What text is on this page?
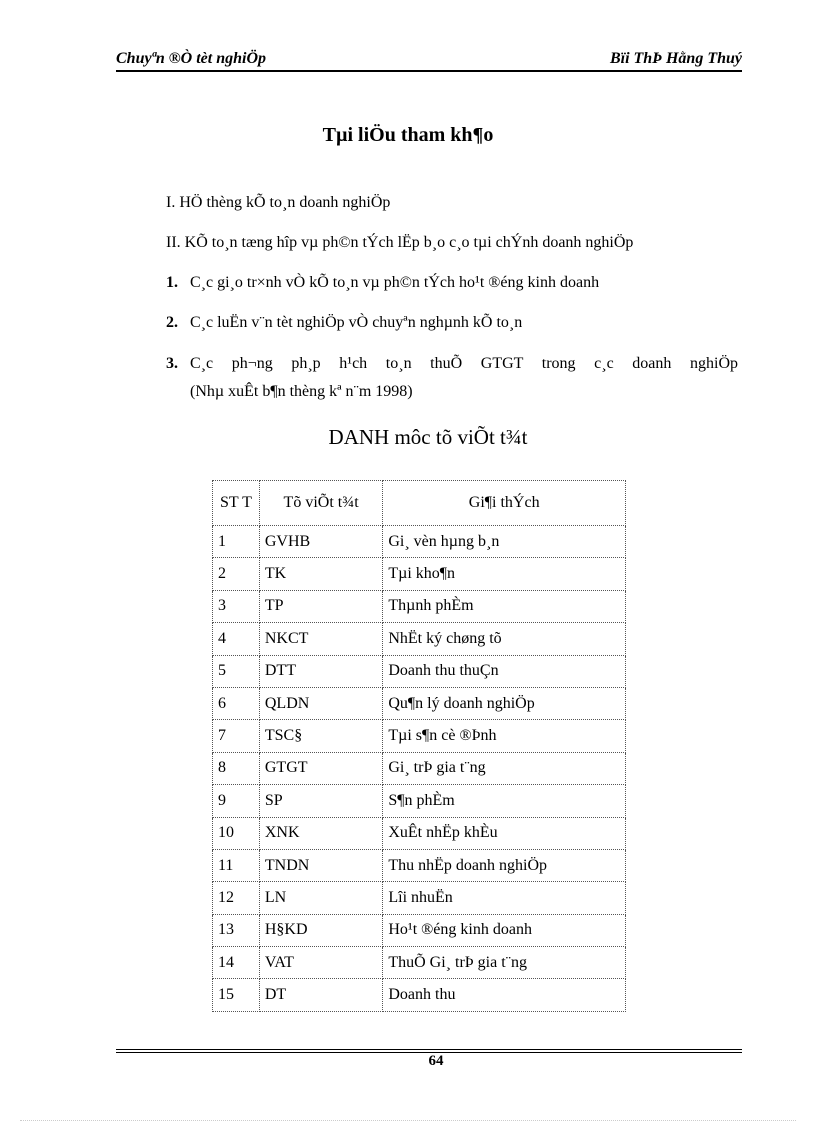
Chuyªn ®Ò tèt nghiÖp	Bïi ThÞ Hằng Thuý
Tµi liÖu tham kh¶o
I. HÖ thèng kÕ to¸n doanh nghiÖp
II. KÕ to¸n tæng hîp vµ ph©n tÝch lËp b¸o c¸o tµi chÝnh doanh nghiÖp
1. C¸c gi¸o tr×nh vÒ kÕ to¸n vµ ph©n tÝch ho¹t ®éng kinh doanh
2. C¸c luËn v¨n tèt nghiÖp vÒ chuyªn nghµnh kÕ to¸n
3. C¸c ph¬ng ph¸p h¹ch to¸n thuÕ GTGT trong c¸c doanh nghiÖp
(Nhµ xuÊt b¶n thèng kª n¨m 1998)
DANH môc tõ viÕt t¾t
ST T	Tõ viÕt t¾t	Gi¶i thÝch
1	GVHB	Gi¸ vèn hµng b¸n
2	TK	Tµi kho¶n
3	TP	Thµnh phÈm
4	NKCT	NhËt ký chøng tõ
5	DTT	Doanh thu thuÇn
6	QLDN	Qu¶n lý doanh nghiÖp
7	TSC§	Tµi s¶n cè ®Þnh
8	GTGT	Gi¸ trÞ gia t¨ng
9	SP	S¶n phÈm
10	XNK	XuÊt nhËp khÈu
11	TNDN	Thu nhËp doanh nghiÖp
12	LN	Lîi nhuËn
13	H§KD	Ho¹t ®éng kinh doanh
14	VAT	ThuÕ Gi¸ trÞ gia t¨ng
15	DT	Doanh thu
64
